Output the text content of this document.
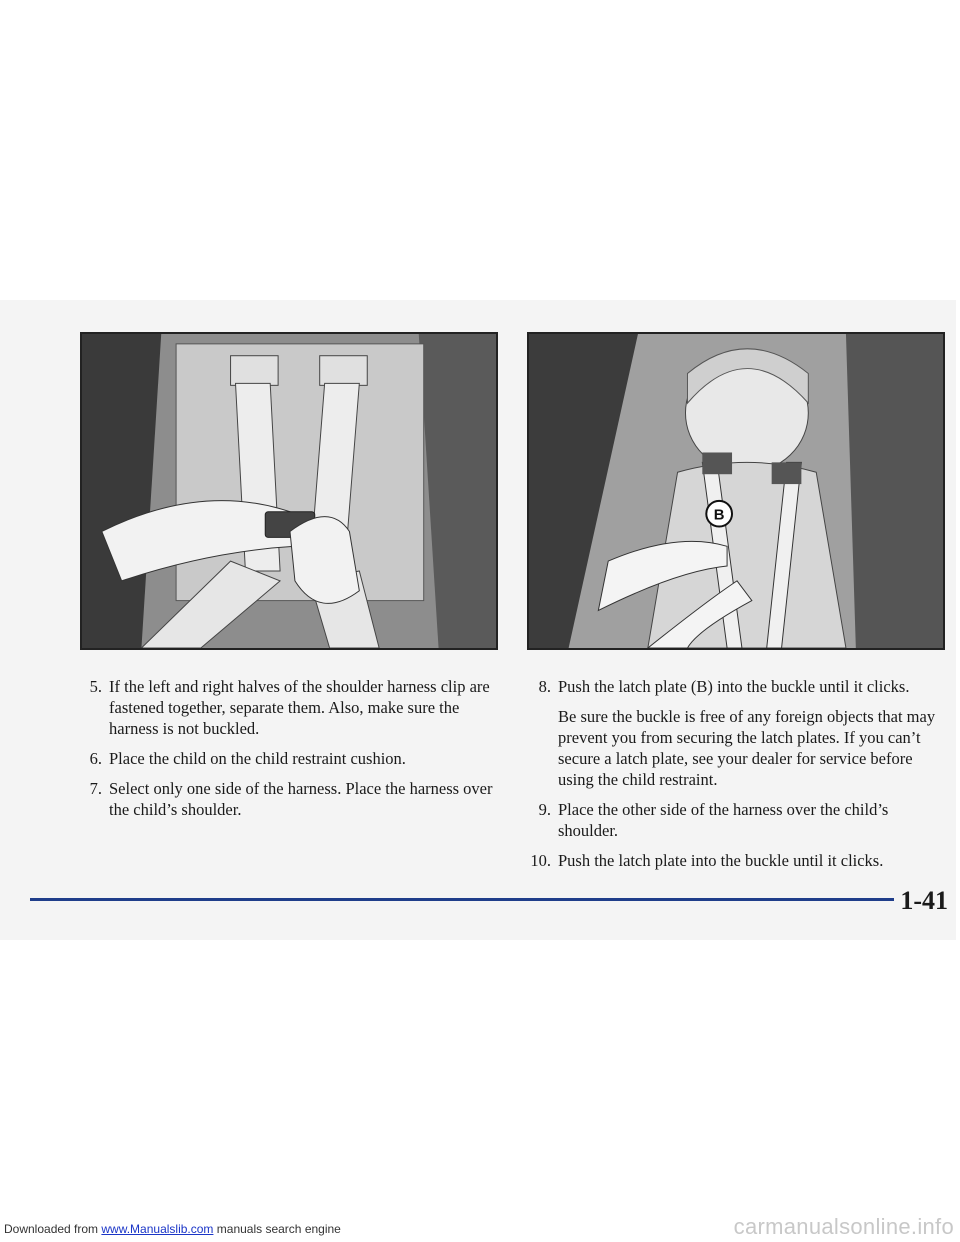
B
5. If the left and right halves of the shoulder harness clip are fastened together, separate them. Also, make sure the harness is not buckled.
6. Place the child on the child restraint cushion.
7. Select only one side of the harness. Place the harness over the child’s shoulder.
8. Push the latch plate (B) into the buckle until it clicks.
Be sure the buckle is free of any foreign objects that may prevent you from securing the latch plates. If you can’t secure a latch plate, see your dealer for service before using the child restraint.
9. Place the other side of the harness over the child’s shoulder.
10. Push the latch plate into the buckle until it clicks.
1-41
Downloaded from www.Manualslib.com manuals search engine	carmanualsonline.info
